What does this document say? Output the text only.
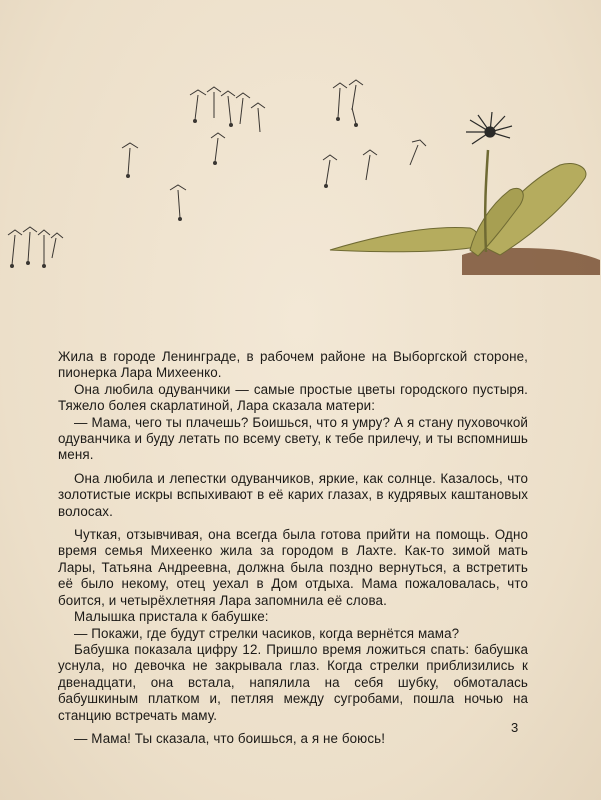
Жила в городе Ленинграде, в рабочем районе на Выборгской стороне, пионерка Лара Михеенко.

Она любила одуванчики — самые простые цветы городского пустыря. Тяжело болея скарлатиной, Лара сказала матери:

— Мама, чего ты плачешь? Боишься, что я умру? А я стану пуховочкой одуванчика и буду летать по всему свету, к тебе прилечу, и ты вспомнишь меня.

Она любила и лепестки одуванчиков, яркие, как солнце. Казалось, что золотистые искры вспыхивают в её карих глазах, в кудрявых каштановых волосах.

Чуткая, отзывчивая, она всегда была готова прийти на помощь. Одно время семья Михеенко жила за городом в Лахте. Как-то зимой мать Лары, Татьяна Андреевна, должна была поздно вернуться, а встретить её было некому, отец уехал в Дом отдыха. Мама пожаловалась, что боится, и четырёхлетняя Лара запомнила её слова.

Малышка пристала к бабушке:

— Покажи, где будут стрелки часиков, когда вернётся мама?

Бабушка показала цифру 12. Пришло время ложиться спать: бабушка уснула, но девочка не закрывала глаз. Когда стрелки приблизились к двенадцати, она встала, напялила на себя шубку, обмоталась бабушкиным платком и, петляя между сугробами, пошла ночью на станцию встречать маму.

— Мама! Ты сказала, что боишься, а я не боюсь!

3
